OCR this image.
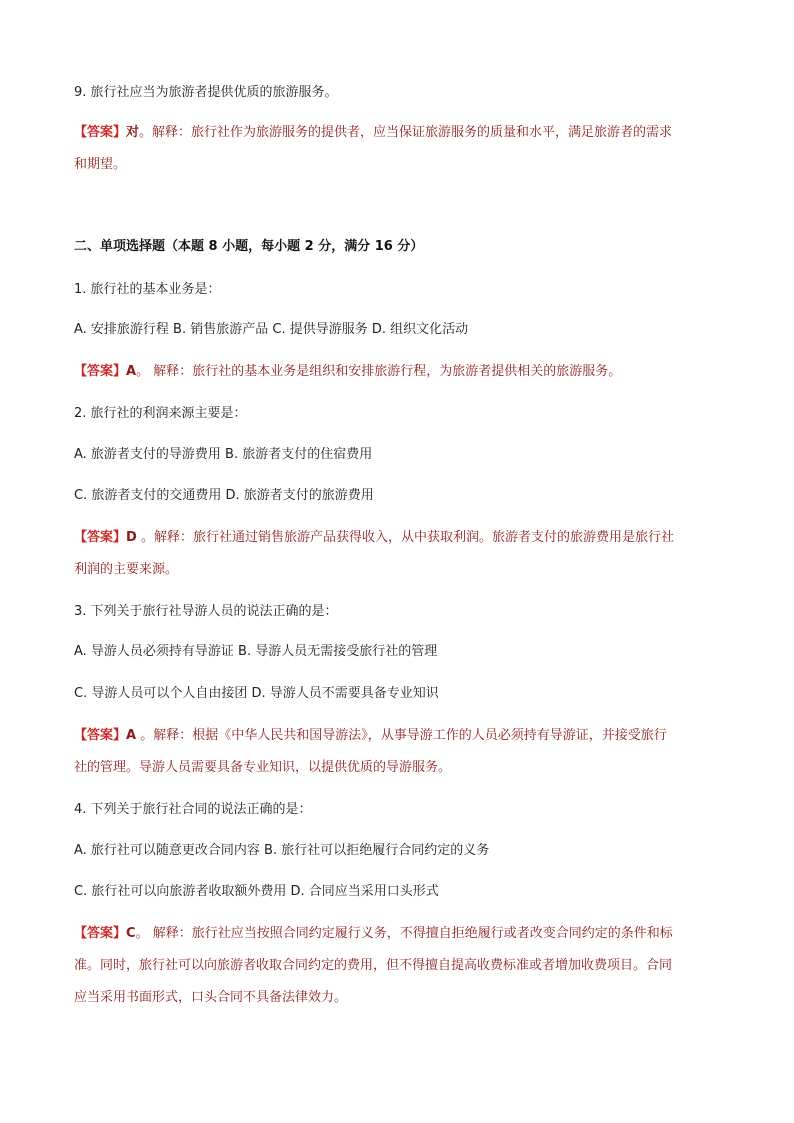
9. 旅行社应当为旅游者提供优质的旅游服务。
【答案】对。解释：旅行社作为旅游服务的提供者，应当保证旅游服务的质量和水平，满足旅游者的需求
和期望。
二、单项选择题（本题 8 小题，每小题 2 分，满分 16 分）
1. 旅行社的基本业务是：
A. 安排旅游行程 B. 销售旅游产品 C. 提供导游服务 D. 组织文化活动
【答案】A。 解释：旅行社的基本业务是组织和安排旅游行程，为旅游者提供相关的旅游服务。
2. 旅行社的利润来源主要是：
A. 旅游者支付的导游费用 B. 旅游者支付的住宿费用
C. 旅游者支付的交通费用 D. 旅游者支付的旅游费用
【答案】D 。解释：旅行社通过销售旅游产品获得收入，从中获取利润。旅游者支付的旅游费用是旅行社
利润的主要来源。
3. 下列关于旅行社导游人员的说法正确的是：
A. 导游人员必须持有导游证 B. 导游人员无需接受旅行社的管理
C. 导游人员可以个人自由接团 D. 导游人员不需要具备专业知识
【答案】A 。解释：根据《中华人民共和国导游法》，从事导游工作的人员必须持有导游证，并接受旅行
社的管理。导游人员需要具备专业知识，以提供优质的导游服务。
4. 下列关于旅行社合同的说法正确的是：
A. 旅行社可以随意更改合同内容 B. 旅行社可以拒绝履行合同约定的义务
C. 旅行社可以向旅游者收取额外费用 D. 合同应当采用口头形式
【答案】C。 解释：旅行社应当按照合同约定履行义务，不得擅自拒绝履行或者改变合同约定的条件和标
准。同时，旅行社可以向旅游者收取合同约定的费用，但不得擅自提高收费标准或者增加收费项目。合同
应当采用书面形式，口头合同不具备法律效力。
